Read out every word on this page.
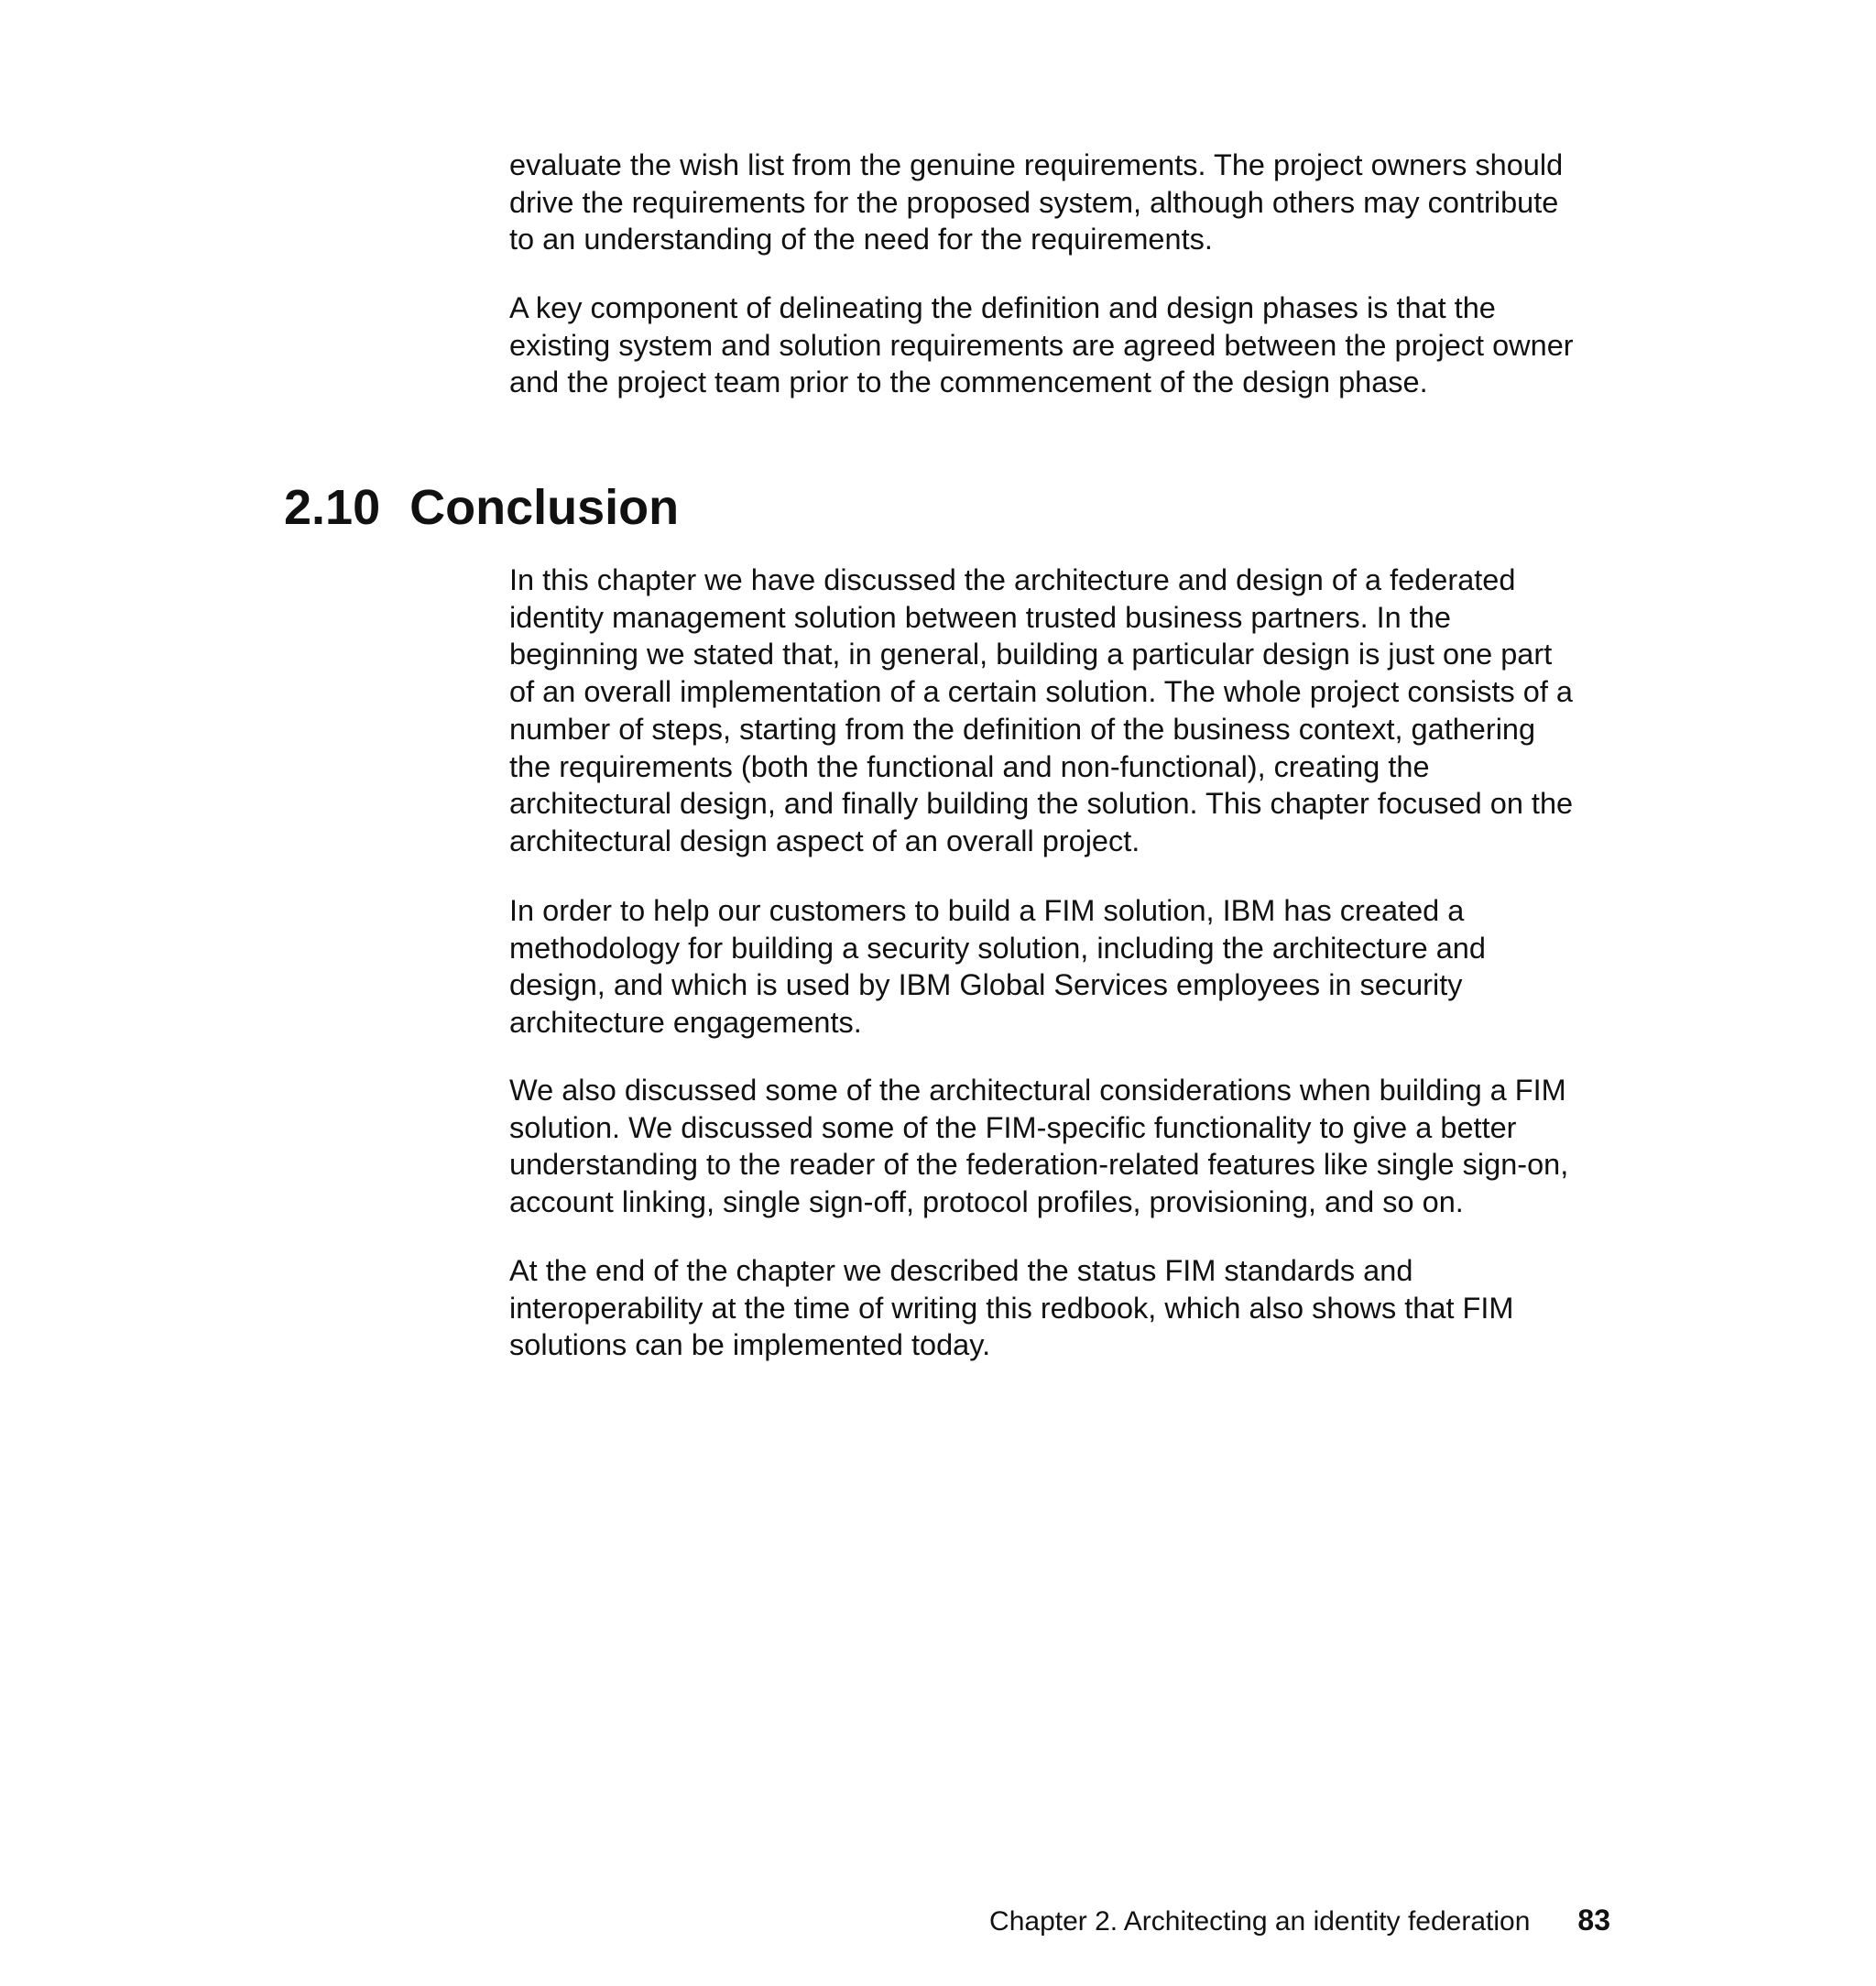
evaluate the wish list from the genuine requirements. The project owners should
drive the requirements for the proposed system, although others may contribute
to an understanding of the need for the requirements.

A key component of delineating the definition and design phases is that the
existing system and solution requirements are agreed between the project owner
and the project team prior to the commencement of the design phase.

2.10 Conclusion

In this chapter we have discussed the architecture and design of a federated
identity management solution between trusted business partners. In the
beginning we stated that, in general, building a particular design is just one part
of an overall implementation of a certain solution. The whole project consists of a
number of steps, starting from the definition of the business context, gathering
the requirements (both the functional and non-functional), creating the
architectural design, and finally building the solution. This chapter focused on the
architectural design aspect of an overall project.

In order to help our customers to build a FIM solution, IBM has created a
methodology for building a security solution, including the architecture and
design, and which is used by IBM Global Services employees in security
architecture engagements.

We also discussed some of the architectural considerations when building a FIM
solution. We discussed some of the FIM-specific functionality to give a better
understanding to the reader of the federation-related features like single sign-on,
account linking, single sign-off, protocol profiles, provisioning, and so on.

At the end of the chapter we described the status FIM standards and
interoperability at the time of writing this redbook, which also shows that FIM
solutions can be implemented today.

Chapter 2. Architecting an identity federation 83
